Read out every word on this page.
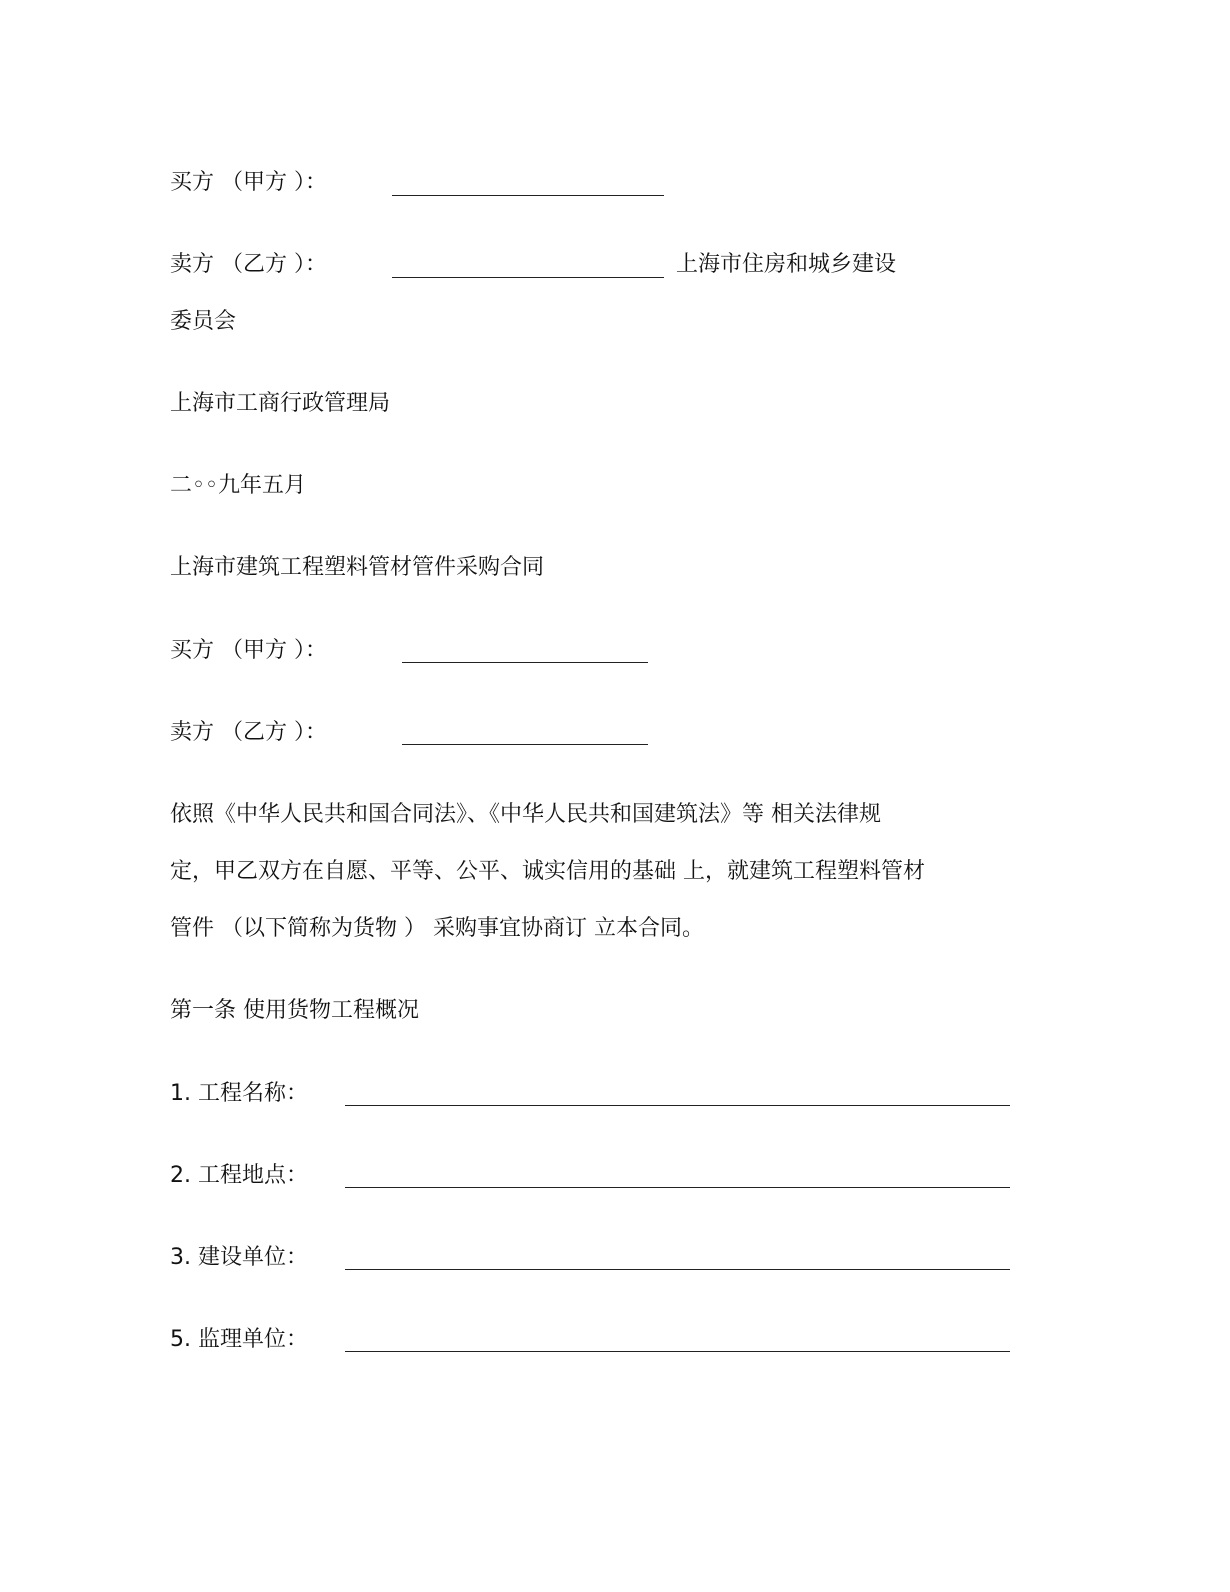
买方 （甲方 ）：
卖方 （乙方 ）：	上海市住房和城乡建设
委员会
上海市工商行政管理局
二◦◦九年五月
上海市建筑工程塑料管材管件采购合同
买方 （甲方 ）：
卖方 （乙方 ）：
依照《中华人民共和国合同法》、《中华人民共和国建筑法》等 相关法律规
定，甲乙双方在自愿、平等、公平、诚实信用的基础 上，就建筑工程塑料管材
管件 （以下简称为货物 ） 采购事宜协商订 立本合同。
第一条 使用货物工程概况
1. 工程名称：
2. 工程地点：
3. 建设单位：
5. 监理单位：
